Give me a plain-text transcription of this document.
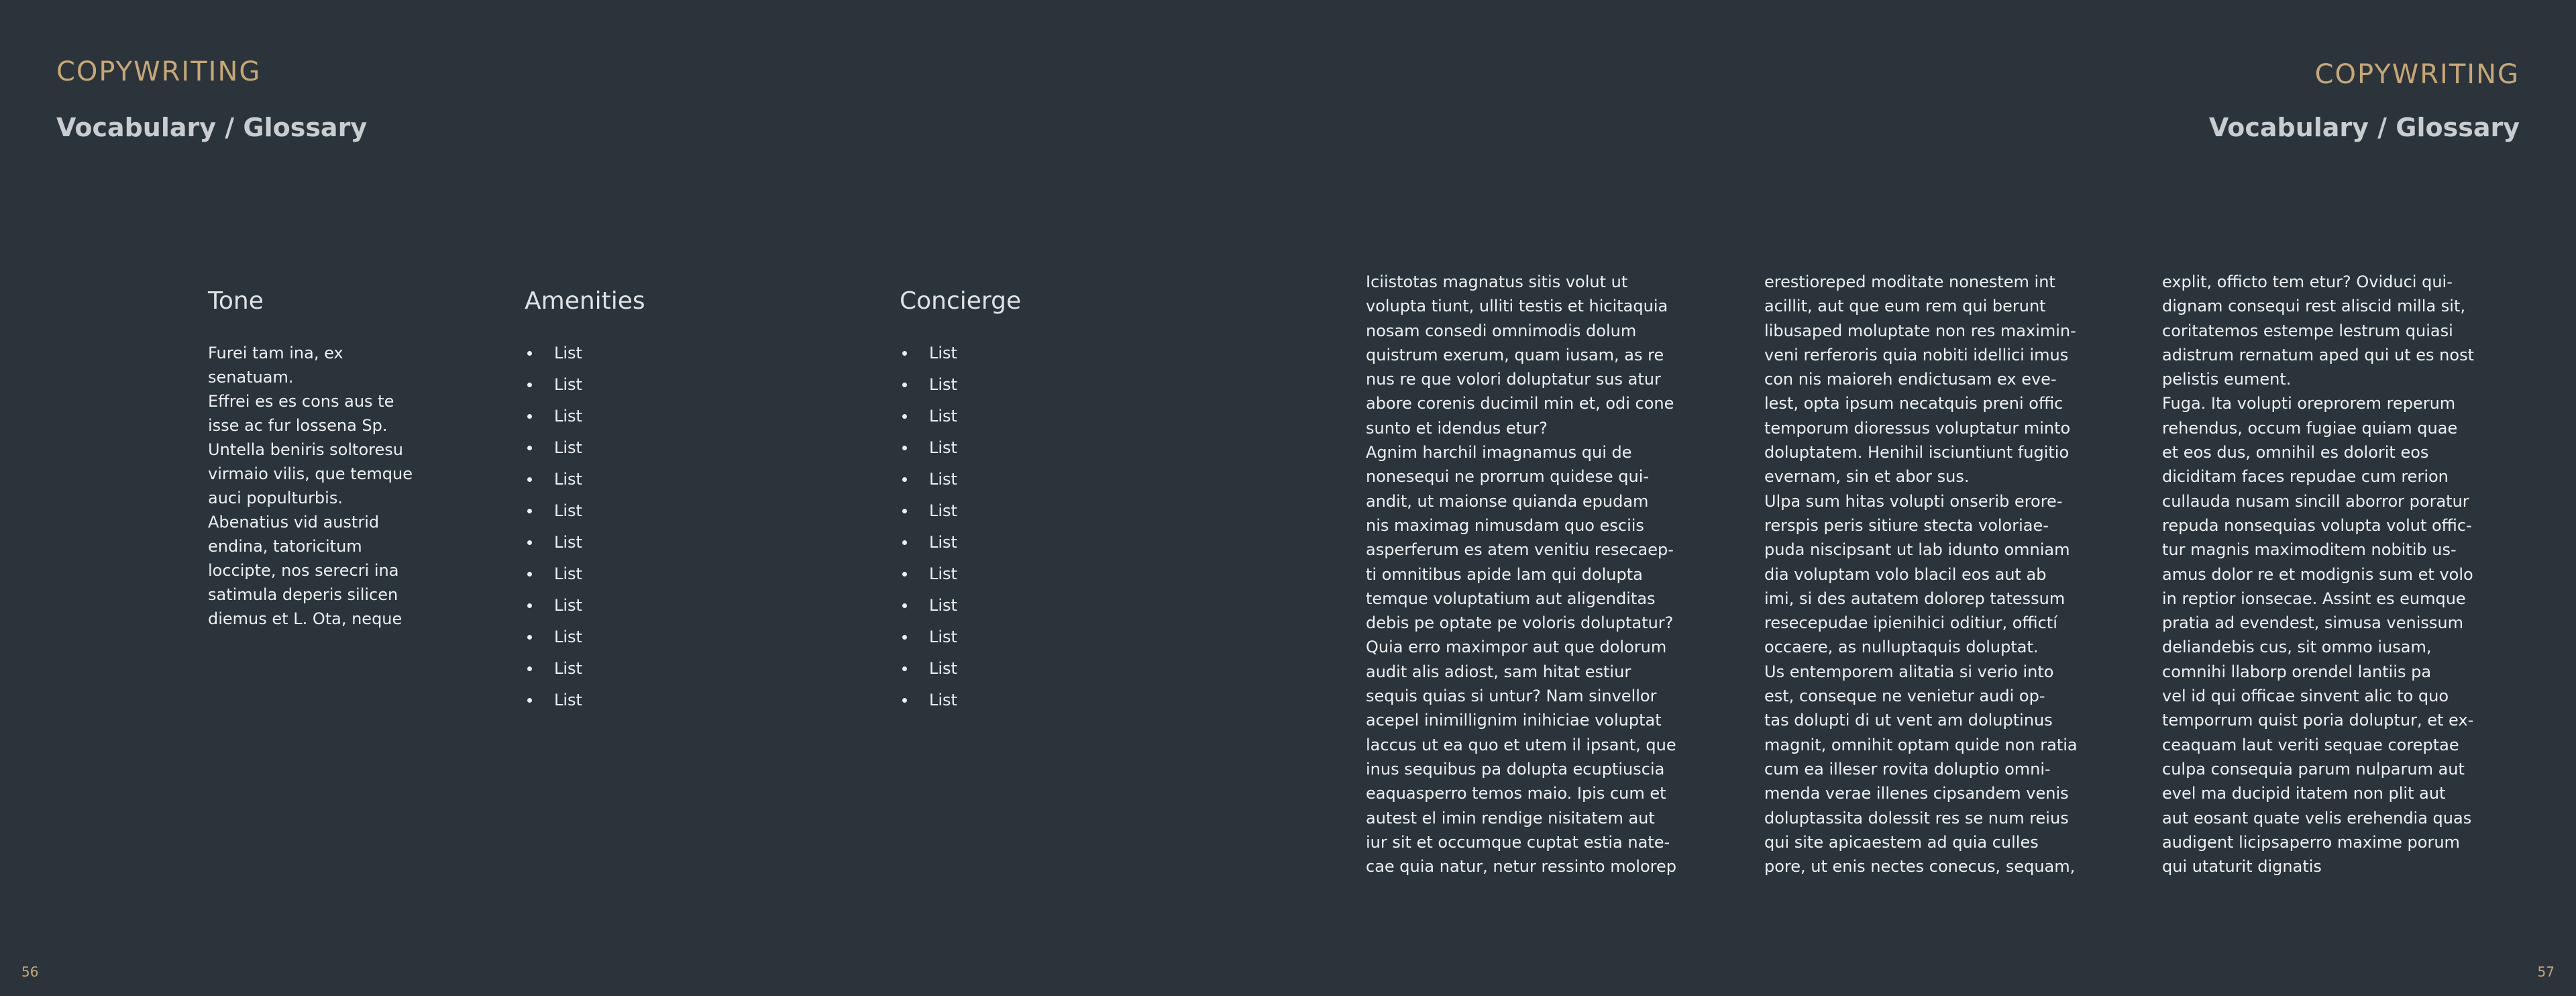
COPYWRITING
Vocabulary / Glossary
COPYWRITING
Vocabulary / Glossary
Tone
Furei tam ina, ex
senatuam.
Effrei es es cons aus te
isse ac fur lossena Sp.
Untella beniris soltoresu
virmaio vilis, que temque
auci populturbis.
Abenatius vid austrid
endina, tatoricitum
loccipte, nos serecri ina
satimula deperis silicen
diemus et L. Ota, neque
Amenities
List
List
List
List
List
List
List
List
List
List
List
List
Concierge
List
List
List
List
List
List
List
List
List
List
List
List

Iciistotas magnatus sitis volut ut

volupta tiunt, ulliti testis et hicitaquia

nosam consedi omnimodis dolum

quistrum exerum, quam iusam, as re

nus re que volori doluptatur sus atur

abore corenis ducimil min et, odi cone

sunto et idendus etur?

Agnim harchil imagnamus qui de

nonesequi ne prorrum quidese qui-

andit, ut maionse quianda epudam

nis maximag nimusdam quo esciis

asperferum es atem venitiu resecaep-

ti omnitibus apide lam qui dolupta

temque voluptatium aut aligenditas

debis pe optate pe voloris doluptatur?

Quia erro maximpor aut que dolorum

audit alis adiost, sam hitat estiur

sequis quias si untur? Nam sinvellor

acepel inimillignim inihiciae voluptat

laccus ut ea quo et utem il ipsant, que

inus sequibus pa dolupta ecuptiuscia

eaquasperro temos maio. Ipis cum et

autest el imin rendige nisitatem aut

iur sit et occumque cuptat estia nate-

cae quia natur, netur ressinto molorep

erestioreped moditate nonestem int

acillit, aut que eum rem qui berunt

libusaped moluptate non res maximin-

veni rerferoris quia nobiti idellici imus

con nis maioreh endictusam ex eve-

lest, opta ipsum necatquis preni offic

temporum dioressus voluptatur minto

doluptatem. Henihil isciuntiunt fugitio

evernam, sin et abor sus.

Ulpa sum hitas volupti onserib erore-

rerspis peris sitiure stecta voloriae-

puda niscipsant ut lab idunto omniam

dia voluptam volo blacil eos aut ab

imi, si des autatem dolorep tatessum

resecepudae ipienihici oditiur, offictí

occaere, as nulluptaquis doluptat.

Us entemporem alitatia si verio into

est, conseque ne venietur audi op-

tas dolupti di ut vent am doluptinus

magnit, omnihit optam quide non ratia

cum ea illeser rovita doluptio omni-

menda verae illenes cipsandem venis

doluptassita dolessit res se num reius

qui site apicaestem ad quia culles

pore, ut enis nectes conecus, sequam,

explit, officto tem etur? Oviduci qui-

dignam consequi rest aliscid milla sit,

coritatemos estempe lestrum quiasi

adistrum rernatum aped qui ut es nost

pelistis eument.

Fuga. Ita volupti oreprorem reperum

rehendus, occum fugiae quiam quae

et eos dus, omnihil es dolorit eos

diciditam faces repudae cum rerion

cullauda nusam sincill aborror poratur

repuda nonsequias volupta volut offic-

tur magnis maximoditem nobitib us-

amus dolor re et modignis sum et volo

in reptior ionsecae. Assint es eumque

pratia ad evendest, simusa venissum

deliandebis cus, sit ommo iusam,

comnihi llaborp orendel lantiis pa

vel id qui officae sinvent alic to quo

temporrum quist poria doluptur, et ex-

ceaquam laut veriti sequae coreptae

culpa consequia parum nulparum aut

evel ma ducipid itatem non plit aut

aut eosant quate velis erehendia quas

audigent licipsaperro maxime porum

qui utaturit dignatis

56	57
